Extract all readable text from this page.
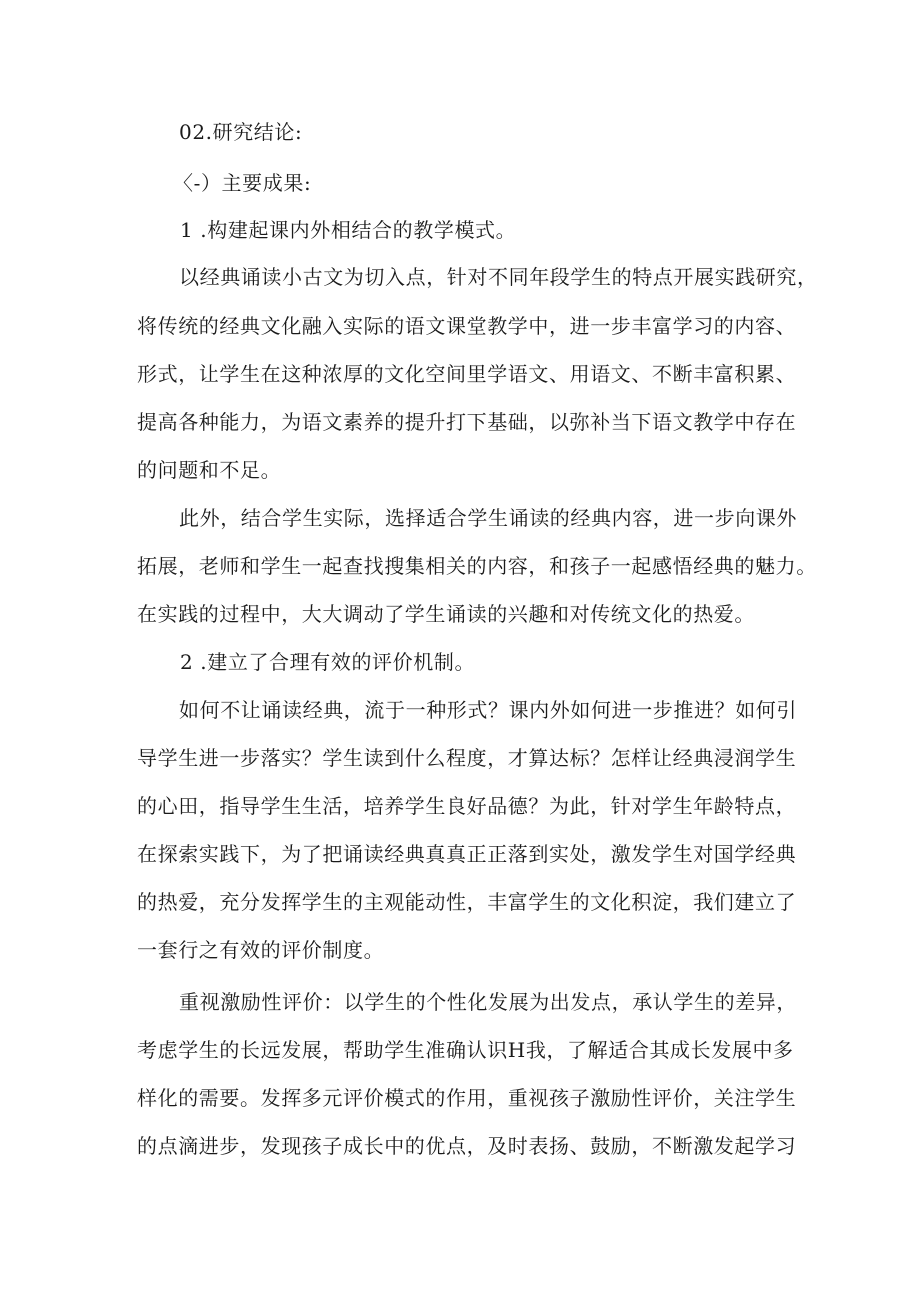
02.研究结论:
〈-）主要成果:
1 .构建起课内外相结合的教学模式。
以经典诵读小古文为切入点，针对不同年段学生的特点开展实践研究，
将传统的经典文化融入实际的语文课堂教学中，进一步丰富学习的内容、
形式，让学生在这种浓厚的文化空间里学语文、用语文、不断丰富积累、
提高各种能力，为语文素养的提升打下基础，以弥补当下语文教学中存在
的问题和不足。
此外，结合学生实际，选择适合学生诵读的经典内容，进一步向课外
拓展，老师和学生一起查找搜集相关的内容，和孩子一起感悟经典的魅力。
在实践的过程中，大大调动了学生诵读的兴趣和对传统文化的热爱。
2 .建立了合理有效的评价机制。
如何不让诵读经典，流于一种形式？课内外如何进一步推进？如何引
导学生进一步落实？学生读到什么程度，才算达标？怎样让经典浸润学生
的心田，指导学生生活，培养学生良好品德？为此，针对学生年龄特点，
在探索实践下，为了把诵读经典真真正正落到实处，激发学生对国学经典
的热爱，充分发挥学生的主观能动性，丰富学生的文化积淀，我们建立了
一套行之有效的评价制度。
重视激励性评价：以学生的个性化发展为出发点，承认学生的差异，
考虑学生的长远发展，帮助学生准确认识H我，了解适合其成长发展中多
样化的需要。发挥多元评价模式的作用，重视孩子激励性评价，关注学生
的点滴进步，发现孩子成长中的优点，及时表扬、鼓励，不断激发起学习
